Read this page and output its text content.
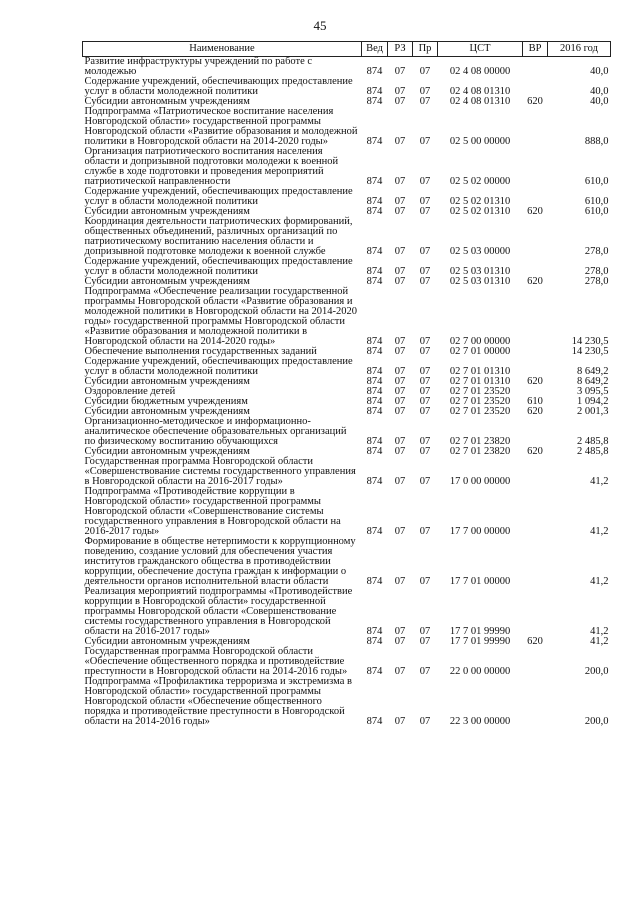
45
Наименование	Вед	РЗ	Пр	ЦСТ	ВР	2016 год
Развитие инфраструктуры учреждений по работе с молодежью	874	07	07	02 4 08 00000		40,0
Содержание учреждений, обеспечивающих предоставление услуг в области молодежной политики	874	07	07	02 4 08 01310		40,0
Субсидии автономным учреждениям	874	07	07	02 4 08 01310	620	40,0
Подпрограмма «Патриотическое воспитание населения Новгородской области» государственной программы Новгородской области «Развитие образования и молодежной политики в Новгородской области на 2014-2020 годы»	874	07	07	02 5 00 00000		888,0
Организация патриотического воспитания населения области и допризывной подготовки молодежи к военной службе в ходе подготовки и проведения мероприятий патриотической направленности	874	07	07	02 5 02 00000		610,0
Содержание учреждений, обеспечивающих предоставление услуг в области молодежной политики	874	07	07	02 5 02 01310		610,0
Субсидии автономным учреждениям	874	07	07	02 5 02 01310	620	610,0
Координация деятельности патриотических формирований, общественных объединений, различных организаций по патриотическому воспитанию населения области и допризывной подготовке молодежи к военной службе	874	07	07	02 5 03 00000		278,0
Содержание учреждений, обеспечивающих предоставление услуг в области молодежной политики	874	07	07	02 5 03 01310		278,0
Субсидии автономным учреждениям	874	07	07	02 5 03 01310	620	278,0
Подпрограмма «Обеспечение реализации государственной программы Новгородской области «Развитие образования и молодежной политики в Новгородской области на 2014-2020 годы» государственной программы Новгородской области «Развитие образования и молодежной политики в Новгородской области на 2014-2020 годы»	874	07	07	02 7 00 00000		14 230,5
Обеспечение выполнения государственных заданий	874	07	07	02 7 01 00000		14 230,5
Содержание учреждений, обеспечивающих предоставление услуг в области молодежной политики	874	07	07	02 7 01 01310		8 649,2
Субсидии автономным учреждениям	874	07	07	02 7 01 01310	620	8 649,2
Оздоровление детей	874	07	07	02 7 01 23520		3 095,5
Субсидии бюджетным учреждениям	874	07	07	02 7 01 23520	610	1 094,2
Субсидии автономным учреждениям	874	07	07	02 7 01 23520	620	2 001,3
Организационно-методическое и информационно-аналитическое обеспечение образовательных организаций по физическому воспитанию обучающихся	874	07	07	02 7 01 23820		2 485,8
Субсидии автономным учреждениям	874	07	07	02 7 01 23820	620	2 485,8
Государственная программа Новгородской области «Совершенствование системы государственного управления в Новгородской области на 2016-2017 годы»	874	07	07	17 0 00 00000		41,2
Подпрограмма «Противодействие коррупции в Новгородской области» государственной программы Новгородской области «Совершенствование системы государственного управления в Новгородской области на 2016-2017 годы»	874	07	07	17 7 00 00000		41,2
Формирование в обществе нетерпимости к коррупционному поведению, создание условий для обеспечения участия институтов гражданского общества в противодействии коррупции, обеспечение доступа граждан к информации о деятельности органов исполнительной власти области	874	07	07	17 7 01 00000		41,2
Реализация мероприятий подпрограммы «Противодействие коррупции в Новгородской области» государственной программы Новгородской области «Совершенствование системы государственного управления в Новгородской области на 2016-2017 годы»	874	07	07	17 7 01 99990		41,2
Субсидии автономным учреждениям	874	07	07	17 7 01 99990	620	41,2
Государственная программа Новгородской области «Обеспечение общественного порядка и противодействие преступности в Новгородской области на 2014-2016 годы»	874	07	07	22 0 00 00000		200,0
Подпрограмма «Профилактика терроризма и экстремизма в Новгородской области» государственной программы Новгородской области «Обеспечение общественного порядка и противодействие преступности в Новгородской области на 2014-2016 годы»	874	07	07	22 3 00 00000		200,0
